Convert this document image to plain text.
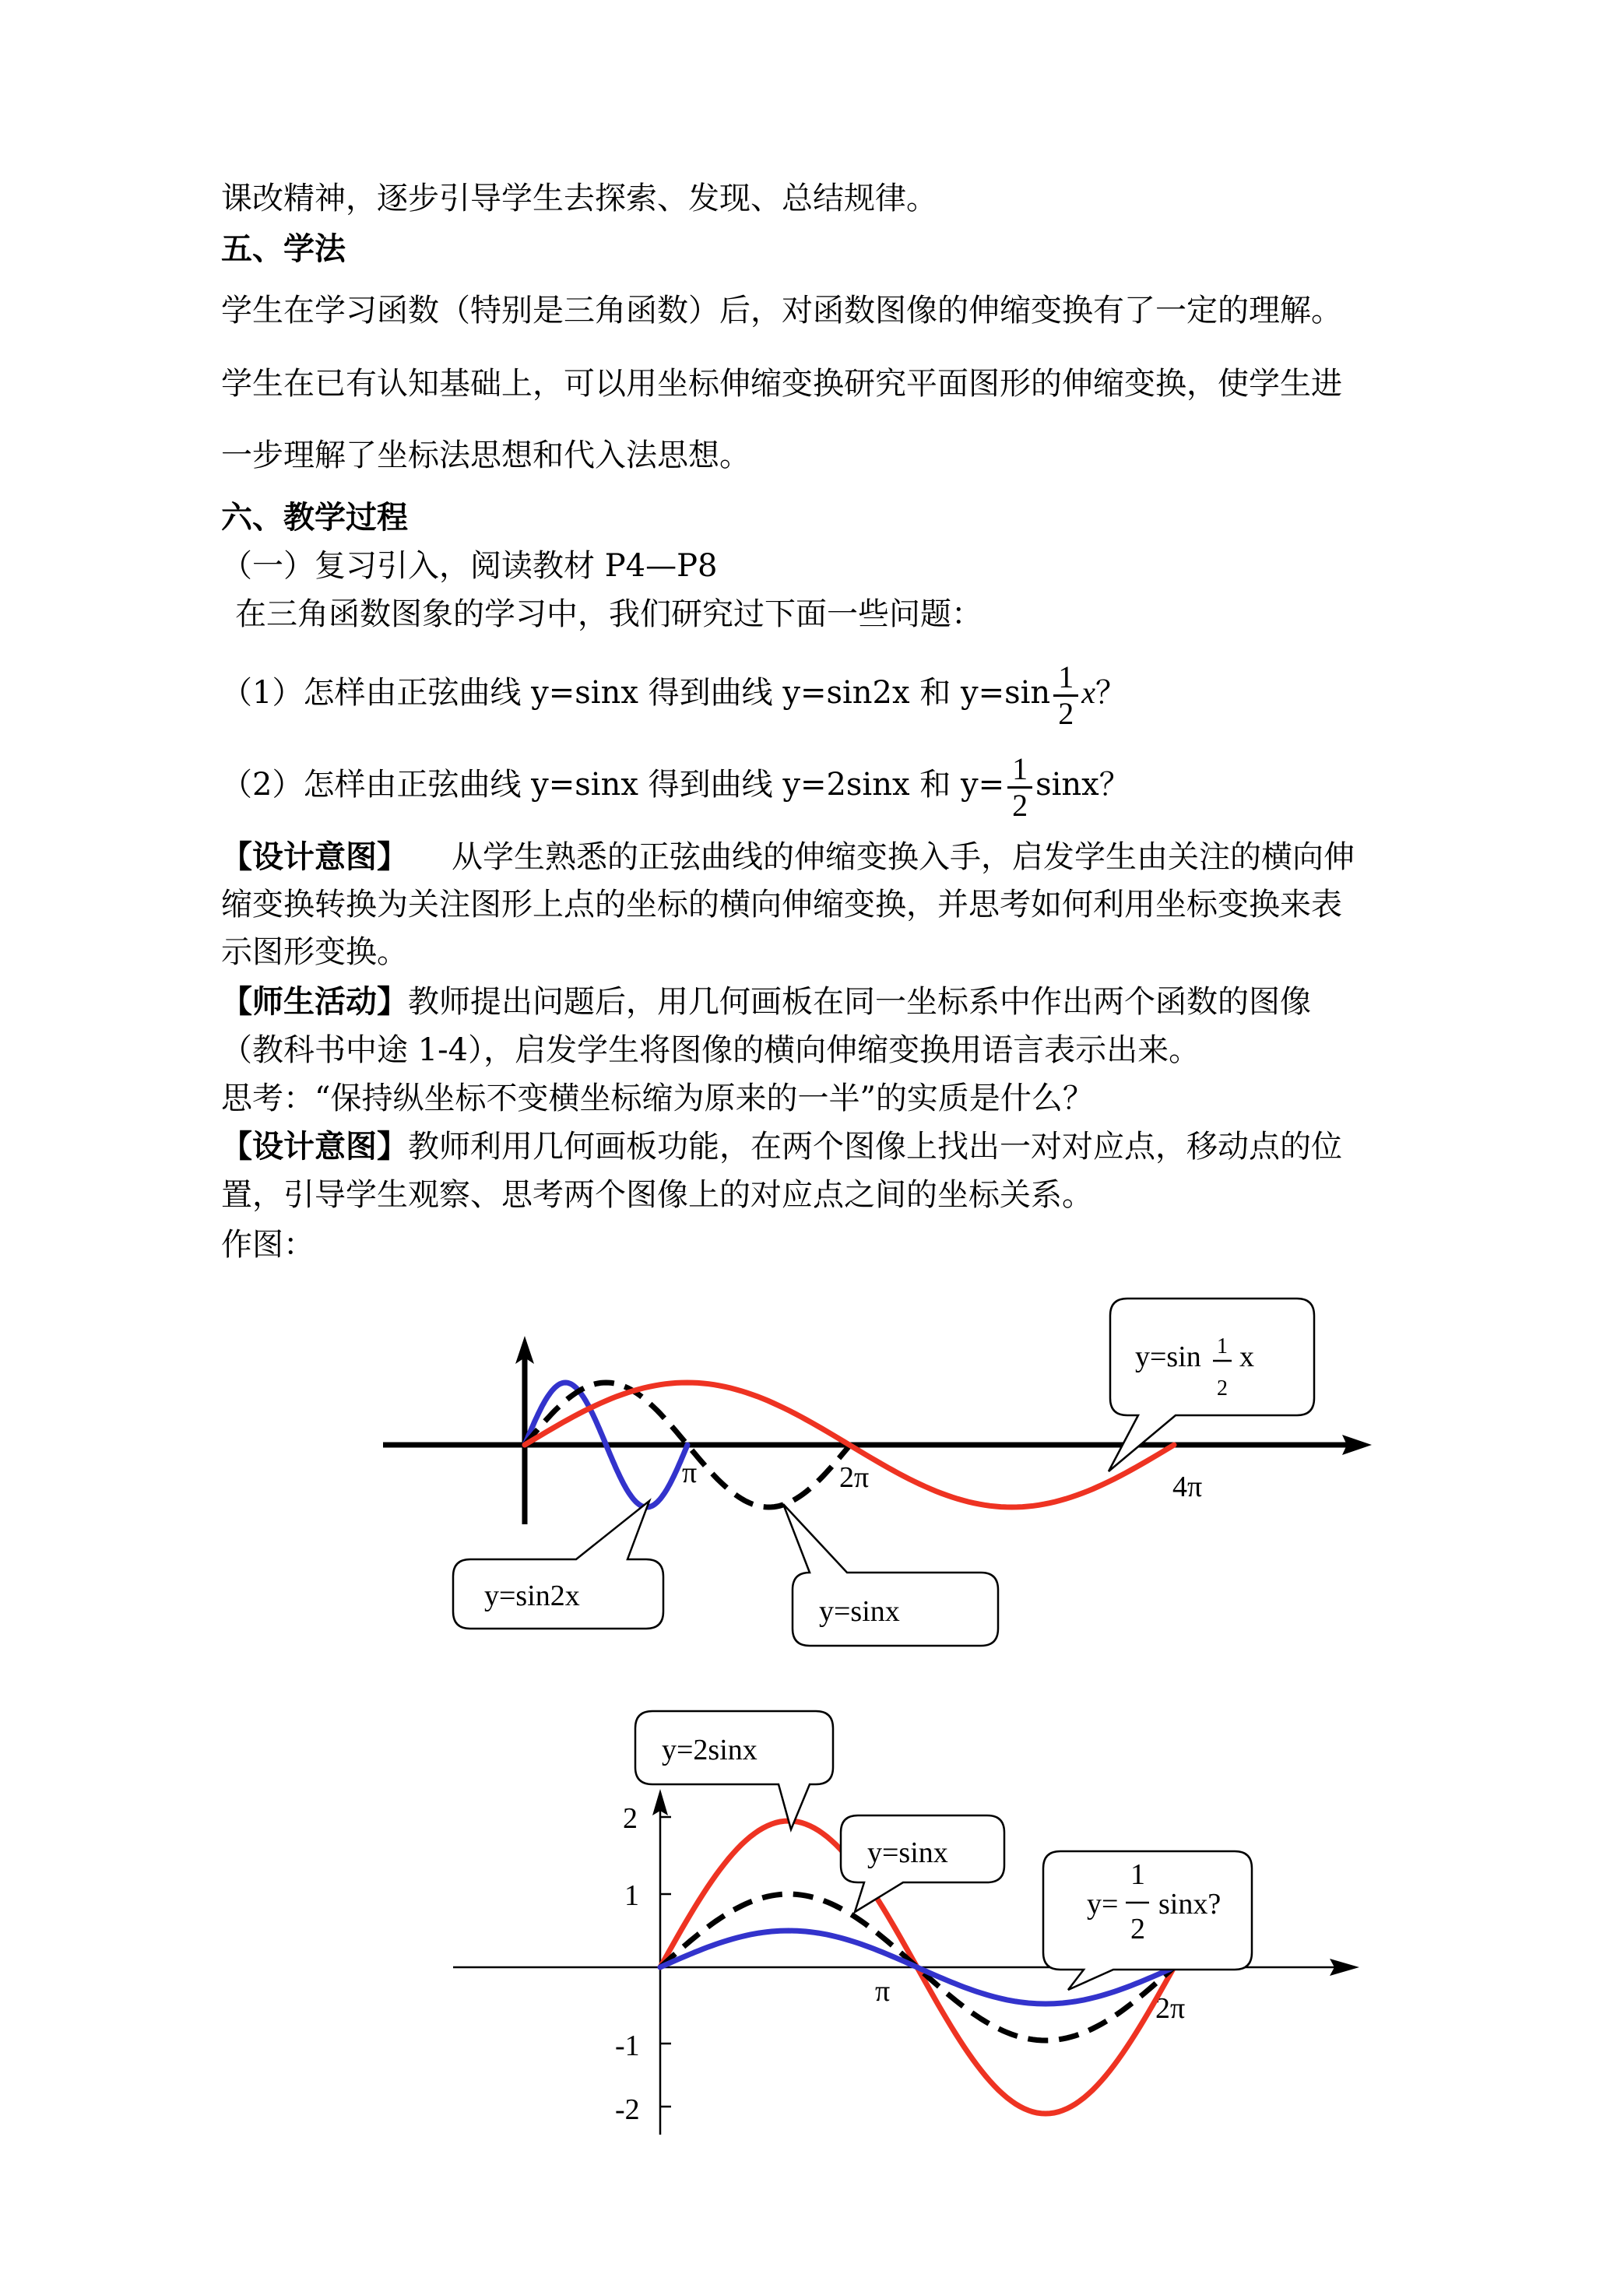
课改精神，逐步引导学生去探索、发现、总结规律。
五、学法
学生在学习函数（特别是三角函数）后，对函数图像的伸缩变换有了一定的理解。
学生在已有认知基础上，可以用坐标伸缩变换研究平面图形的伸缩变换，使学生进
一步理解了坐标法思想和代入法思想。
六、教学过程
（一）复习引入，阅读教材 P4—P8
在三角函数图象的学习中，我们研究过下面一些问题：
（1）怎样由正弦曲线 y=sinx 得到曲线 y=sin2x 和 $y=\sin \frac{1}{2}$ x？
（2）怎样由正弦曲线 y=sinx 得到曲线 y=2sinx 和 $y= \frac{1}{2}$ sinx？
【设计意图】 从学生熟悉的正弦曲线的伸缩变换入手，启发学生由关注的横向伸
缩变换转换为关注图形上点的坐标的横向伸缩变换，并思考如何利用坐标变换来表
示图形变换。
【师生活动】教师提出问题后，用几何画板在同一坐标系中作出两个函数的图像
（教科书中途 1-4），启发学生将图像的横向伸缩变换用语言表示出来。
思考：“保持纵坐标不变横坐标缩为原来的一半”的实质是什么？
【设计意图】教师利用几何画板功能，在两个图像上找出一对对应点，移动点的位
置，引导学生观察、思考两个图像上的对应点之间的坐标关系。
作图：
π	2π	4π
y=sin 1
2
x
y=sin2x	y=sinx
2
1
-1
-2
π
2π
y=2sinx
y=sinx
y=
1
2
sinx?
